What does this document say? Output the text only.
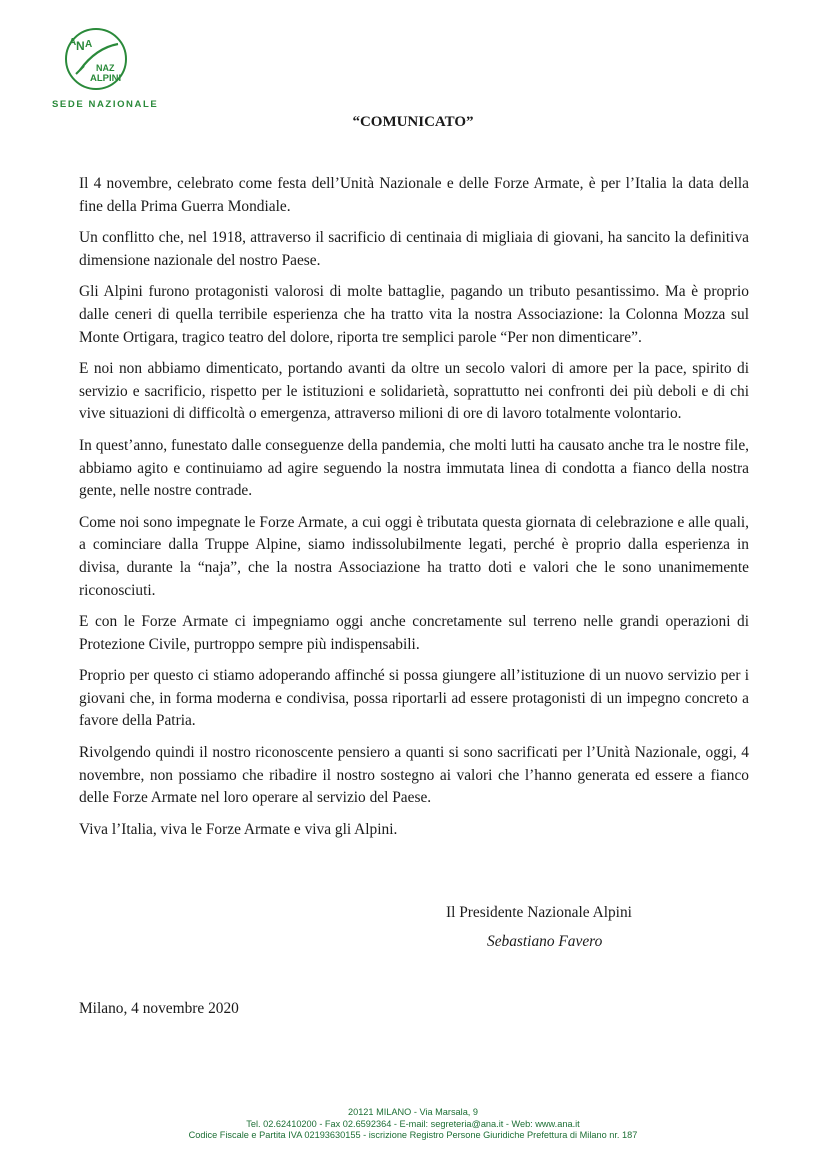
A N A
NAZ
ALPINI
SEDE NAZIONALE
“COMUNICATO”

Il 4 novembre, celebrato come festa dell’Unità Nazionale e delle Forze Armate, è per l’Italia la data della fine della Prima Guerra Mondiale.

Un conflitto che, nel 1918, attraverso il sacrificio di centinaia di migliaia di giovani, ha sancito la definitiva dimensione nazionale del nostro Paese.

Gli Alpini furono protagonisti valorosi di molte battaglie, pagando un tributo pesantissimo. Ma è proprio dalle ceneri di quella terribile esperienza che ha tratto vita la nostra Associazione: la Colonna Mozza sul Monte Ortigara, tragico teatro del dolore, riporta tre semplici parole “Per non dimenticare”.

E noi non abbiamo dimenticato, portando avanti da oltre un secolo valori di amore per la pace, spirito di servizio e sacrificio, rispetto per le istituzioni e solidarietà, soprattutto nei confronti dei più deboli e di chi vive situazioni di difficoltà o emergenza, attraverso milioni di ore di lavoro totalmente volontario.

In quest’anno, funestato dalle conseguenze della pandemia, che molti lutti ha causato anche tra le nostre file, abbiamo agito e continuiamo ad agire seguendo la nostra immutata linea di condotta a fianco della nostra gente, nelle nostre contrade.

Come noi sono impegnate le Forze Armate, a cui oggi è tributata questa giornata di celebrazione e alle quali, a cominciare dalla Truppe Alpine, siamo indissolubilmente legati, perché è proprio dalla esperienza in divisa, durante la “naja”, che la nostra Associazione ha tratto doti e valori che le sono unanimemente riconosciuti.

E con le Forze Armate ci impegniamo oggi anche concretamente sul terreno nelle grandi operazioni di Protezione Civile, purtroppo sempre più indispensabili.

Proprio per questo ci stiamo adoperando affinché si possa giungere all’istituzione di un nuovo servizio per i giovani che, in forma moderna e condivisa, possa riportarli ad essere protagonisti di un impegno concreto a favore della Patria.

Rivolgendo quindi il nostro riconoscente pensiero a quanti si sono sacrificati per l’Unità Nazionale, oggi, 4 novembre, non possiamo che ribadire il nostro sostegno ai valori che l’hanno generata ed essere a fianco delle Forze Armate nel loro operare al servizio del Paese.

Viva l’Italia, viva le Forze Armate e viva gli Alpini.

Il Presidente Nazionale Alpini
Sebastiano Favero
Milano, 4 novembre 2020
20121 MILANO - Via Marsala, 9
Tel. 02.62410200 - Fax 02.6592364 - E-mail: segreteria@ana.it - Web: www.ana.it
Codice Fiscale e Partita IVA 02193630155 - iscrizione Registro Persone Giuridiche Prefettura di Milano nr. 187
